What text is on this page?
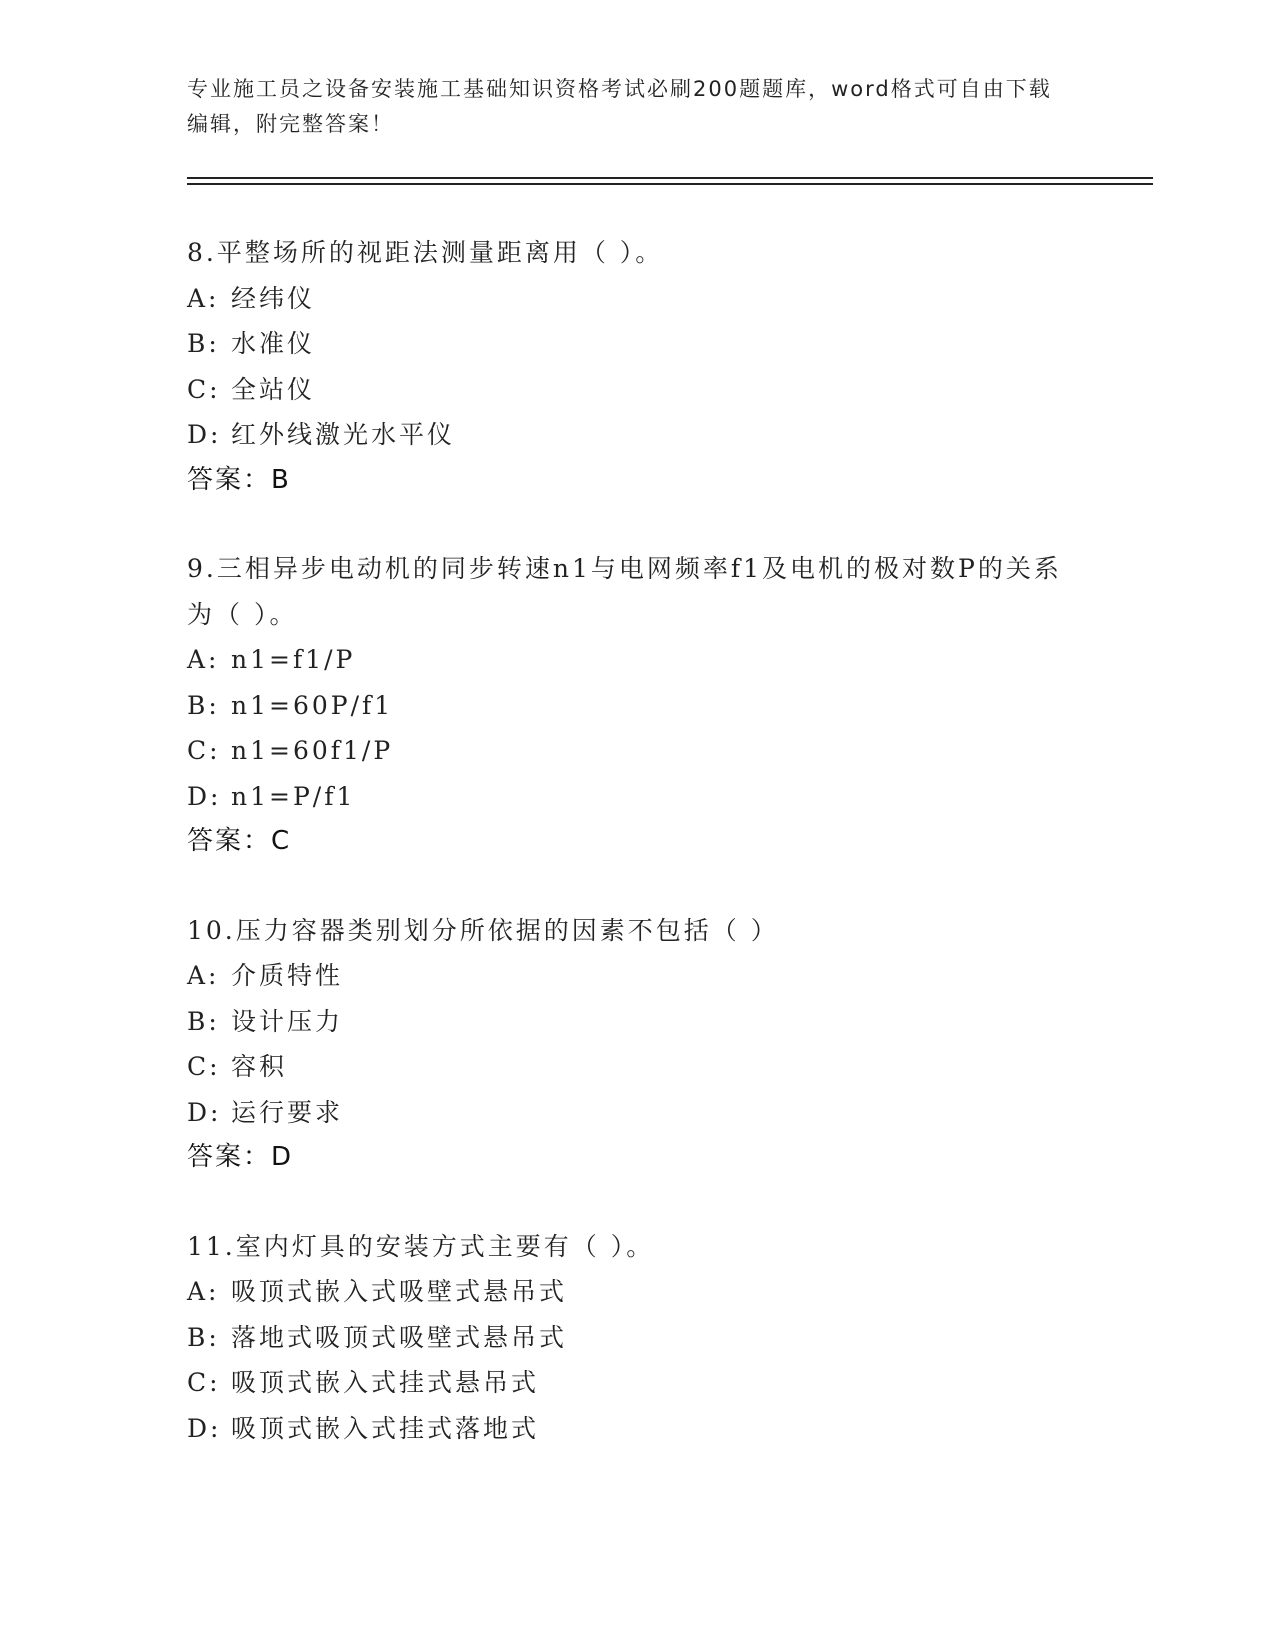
专业施工员之设备安装施工基础知识资格考试必刷200题题库，word格式可自由下载编辑，附完整答案！

8.平整场所的视距法测量距离用（ ）。

A: 经纬仪
B: 水准仪
C: 全站仪
D: 红外线激光水平仪
答案：B

9.三相异步电动机的同步转速n1与电网频率f1及电机的极对数P的关系为（ ）。

A: n1=f1/P
B: n1=60P/f1
C: n1=60f1/P
D: n1=P/f1
答案：C

10.压力容器类别划分所依据的因素不包括（ ）

A: 介质特性
B: 设计压力
C: 容积
D: 运行要求
答案：D

11.室内灯具的安装方式主要有（ ）。

A: 吸顶式嵌入式吸壁式悬吊式
B: 落地式吸顶式吸壁式悬吊式
C: 吸顶式嵌入式挂式悬吊式
D: 吸顶式嵌入式挂式落地式
